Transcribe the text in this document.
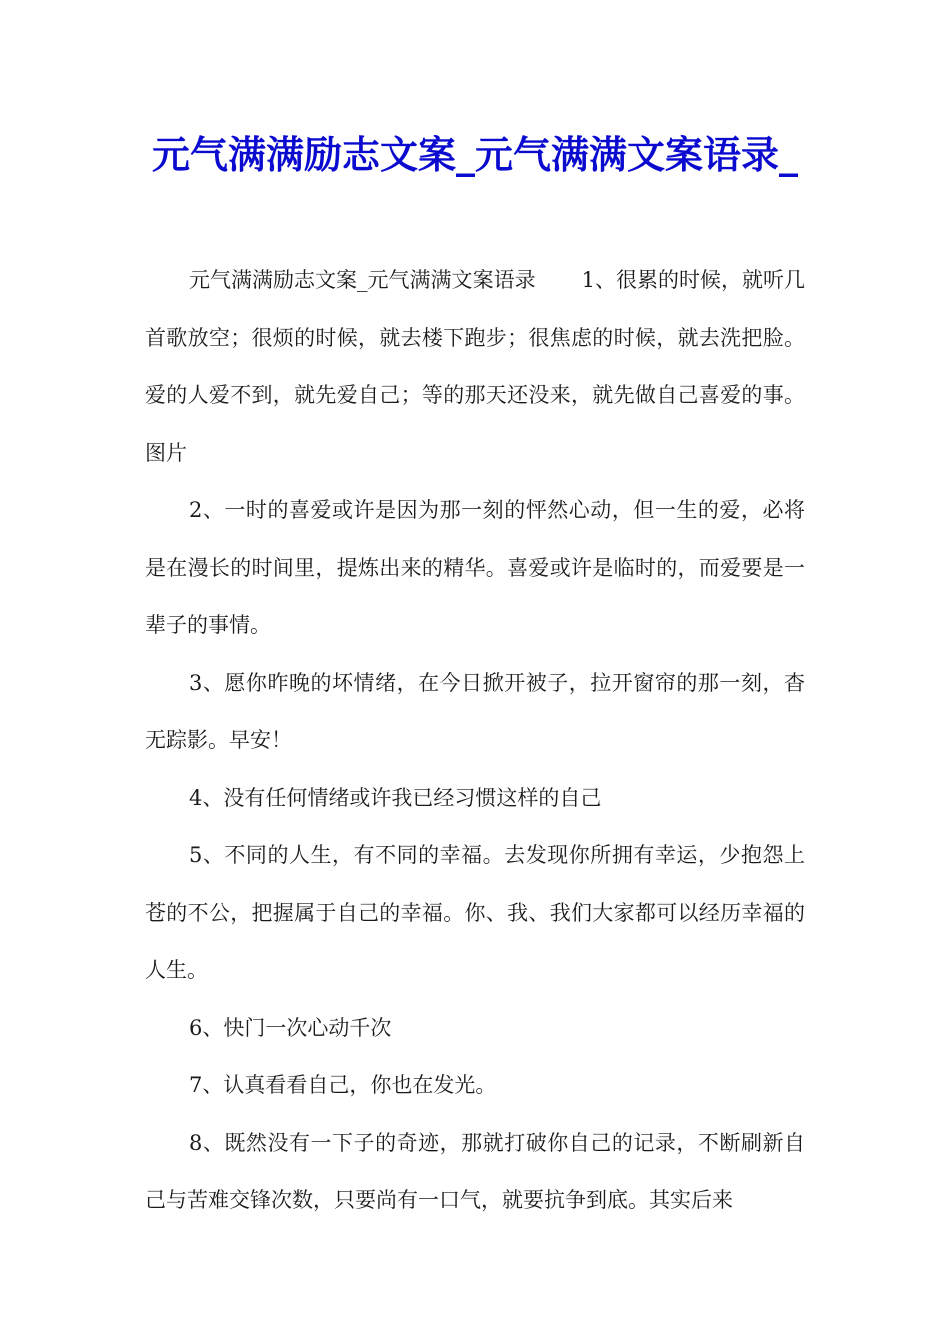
元气满满励志文案_元气满满文案语录_

元气满满励志文案_元气满满文案语录 1、很累的时候，就听几首歌放空；很烦的时候，就去楼下跑步；很焦虑的时候，就去洗把脸。爱的人爱不到，就先爱自己；等的那天还没来，就先做自己喜爱的事。图片

2、一时的喜爱或许是因为那一刻的怦然心动，但一生的爱，必将是在漫长的时间里，提炼出来的精华。喜爱或许是临时的，而爱要是一辈子的事情。

3、愿你昨晚的坏情绪，在今日掀开被子，拉开窗帘的那一刻，杳无踪影。早安！

4、没有任何情绪或许我已经习惯这样的自己

5、不同的人生，有不同的幸福。去发现你所拥有幸运，少抱怨上苍的不公，把握属于自己的幸福。你、我、我们大家都可以经历幸福的人生。

6、快门一次心动千次

7、认真看看自己，你也在发光。

8、既然没有一下子的奇迹，那就打破你自己的记录，不断刷新自己与苦难交锋次数，只要尚有一口气，就要抗争到底。其实后来
